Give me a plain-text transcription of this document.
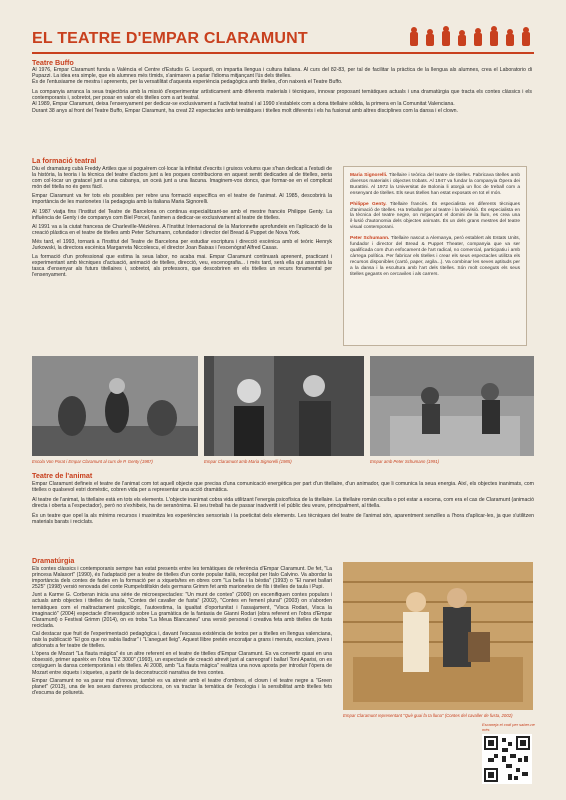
EL TEATRE D'EMPAR CLARAMUNT
Teatre Buffo

Al 1976, Empar Claramunt funda a València el Centre d'Estudis G. Leopardi, on impartia llengua i cultura italiana. Al curs del 82-83, per tal de facilitar la pràctica de la llengua als alumnes, crea el Laboratorio di Pupazzi. La idea era simple, que els alumnes més tímids, s'animaren a parlar l'idioma mitjançant l'ús dels titelles.

És de l'entusiasme de mestra i aprenents, per la versatilitat d'aquesta experiència pedagògica amb titelles, d'on naixerà el Teatre Buffo.

La companyia arranca la seua trajectòria amb la missió d'experimentar artísticament amb diferents materials i tècniques, innovar proposant temàtiques actuals i una dramatúrgia que tracta els contes clàssics i els contemporanis i, sobretot, per posar en valor els titelles com a art teatral.

Al 1989, Empar Claramunt, deixa l'ensenyament per dedicar-se exclusivament a l'activitat teatral i al 1990 s'estableix com a dona titellaire sòlida, la primera en la Comunitat Valenciana.

Durant 38 anys al front del Teatre Buffo, Empar Claramunt, ha creat 22 espectacles amb temàtiques i titelles molt diferents i els ha fusionat amb altres disciplines com la dansa i el clown.

La formació teatral

Diu el dramaturg cubà Freddy Artiles que si poguérem col·locar la infinitat d'escrits i gruixos volums que s'han dedicat a l'estudi de la història, la teoria i la tècnica del teatre d'actors junt a les poques contribucions en aquest sentit dedicades al de titelles, seria com col·locar un gratacel junt a una cabanya, un oceà junt a una llacuna. Imaginem-vos doncs, que formar-se en el complicat món del titella no és gens fàcil.

Empar Claramunt va fer tots els possibles per rebre una formació específica en el teatre de l'animat. Al 1985, descobrirà la importància de les marionetes i la pedagogia amb la italiana Maria Signorelli.

Al 1987 viatja fins l'Institut del Teatre de Barcelona on continua especialitzant-se amb el mestre francès Philippe Genty. La influència de Genty i de companys com Biel Porcel, l'animen a dedicar-se exclusivament al teatre de titelles.

Al 1991 va a la ciutat francesa de Charleville-Mézières. A l'Institut Internacional de la Marionnette aprofundeix en l'aplicació de la creació plàstica en el teatre de titelles amb Peter Schumann, cofundador i director del Bread & Puppet de Nova York.

Més tard, el 1993, tornarà a l'Institut del Teatre de Barcelona per estudiar escriptura i direcció escènica amb el teòric Henryk Jurkowski, la directora escènica Margarreta Niccolescu, el director Joan Baixas i l'escenògraf Alfred Casas.

La formació d'un professional que estima la seua labor, no acaba mai. Empar Claramunt continuarà aprenent, practicant i experimentant amb tècniques d'actuació, animació de titelles, direcció, veu, escenografia... i més tard, serà ella qui assumirà la tasca d'ensenyar als futurs titellaires i, sobretot, als professors, que descobriren en els titelles un recurs fonamental per l'ensenyament.

Maria Signorelli. Titellaire i teòrica del teatre de titelles. Fabricava titelles amb diversos materials i objectes trobats. Al 1947 va fundar la companyia Òpera dei Burattini. Al 1972 la Universitat de Bolonia li atorgà un lloc de treball com a ensenyant de titelles. Els seus titelles han estat exposats en tot el món.

Philippe Genty. Titellaire francès. És especialista en diferents tècniques d'animació de titelles. Ha treballat per al teatre i la televisió. És especialista en la tècnica del teatre negre, on mitjançant el domini de la llum, es crea una il·lusió d'autonomia dels objectes animats. És un dels grans mestres del teatre visual contemporani.

Peter Schumann. Titellaire nascut a Alemanya, però establert als Estats Units, fundador i director del Bread & Puppet Theater, companyia que va ser qualificada com d'un enfocament de l'art radical, no comercial, participatiu i amb càrrega política. Per fabricar els titelles i crear els seus espectacles utilitza els recursos disponibles (cartó, paper, argila...). Va combinar les seves aptituds per a la dansa i la escultura amb l'art dels titelles. Són molt coneguts els seus titelles gegants en cercaviles i als carrers.

Escola Von Porat i Empar Claramunt al curs de P. Genty (1987)	Empar Claramunt amb Maria Signorelli (1985)	Empar amb Peter Schumann (1991)
Teatre de l'animat

Empar Claramunt defineix el teatre de l'animat com tot aquell objecte que precisa d'una comunicació energètica per part d'un titellaire, d'un animador, que li comunica la seua energia. Així, els objectes inanimats, com titelles o qualsevol estri domèstic, cobren vida per a representar una acció dramàtica.

Al teatre de l'animat, la titellaire està en tots els elements. L'objecte inanimat cobra vida utilitzant l'energia psicofísica de la titellaire. La titellaire romàn oculta o pot estar a escena, com era el cas de Claramunt (animació directa i oberta a l'espectador), però no s'exhibeix, ha de seranònima. El seu treball ha de passar inadvertit i el públic deu veure, principalment, al titella.

És un teatre que opel la als mínims recursos i maximitza les experiències sensorials i la poeticitat dels elements. Les tècniques del teatre de l'animat són, aparentment senzilles a l'hora d'aplicar-les, ja que s'utilitzen materials barats i reciclats.

Dramatúrgia

Els contes clàssics i contemporanis sempre han estat presents entre les temàtiques de referència d'Empar Claramunt. De fet, "La princesa Malasort" (1990), és l'adaptació per a teatre de titelles d'un conte popular italià, recopilat per Italo Calvino. Va abordar la importància dels contes de fades en la formació per a xiquets/tes en obres com "La bella i la bèstia" (1993) o "El nanet ballari 2525" (1998) versió renovada del conte Rumpelstiltskin dels germans Grimm fet amb marionetes de fils i titelles de taula i Pupi.

Junt a Karme G. Corberan inicia una sèrie de microespectacles: "Un munt de contes" (2000) on escenifiquen contes populars i actuals amb objectes i titelles de taula, "Contes del cavaller de fusta" (2002), "Contes en femení plural" (2003) on s'aborden temàtiques com el maltractament psicològic, l'autoestima, la igualtat d'oportunitat i l'assajament, "Visca Rodari, Visca la imaginació" (2004) espectacle d'investigació sobre La gramàtica de la fantasia de Gianni Rodari (obra referent en l'obra d'Empar Claramunt) o Festival Grimm (2014), on es troba "La Meua Blancaneu" una versió personal i creativa feta amb titelles de fusta reciclada.

Cal destacar que fruit de l'experimentació pedagògica i, davant l'escassa existència de textos per a titelles en llengua valenciana, naix la publicació "El gos que no sabia lladrar" i "L'aneguet lleig". Aquest llibre pretén encoratjar a grans i menuts, escolars, joves i aficionats a fer teatre de titelles.

L'òpera de Mozart "La flauta màgica" és un altre referent en el teatre de titelles d'Empar Claramunt. Es va convertir quasi en una obsessió, primer aparèix en l'obra "DZ 3000" (1993), un espectacle de creació atrevit junt al carreograf i ballarí Toni Aparisi, on es conjuguen la dansa contemporània i els titelles. Al 2008, amb "La flauta màgica" realitza una nova aposta per introduir l'òpera de Mozart entre xiquets i xiquetes, a partir de la deconstrucció narrativa de tres contes.

Empar Claramunt no va parar mai d'innovar, també es va atrevir amb el teatre d'ombres, el clown i el teatre negre a "Green planet" (2013), una de les seues darreres produccions, on va tractar la temàtica de l'ecologia i la sensibilitat amb titelles fets d'escuma de poliuretà.

Empar Claramunt representant "Què guai fa ta lluna" (Contes del cavaller de fusta, 2002)
Escaneja el codi per saber-ne més
